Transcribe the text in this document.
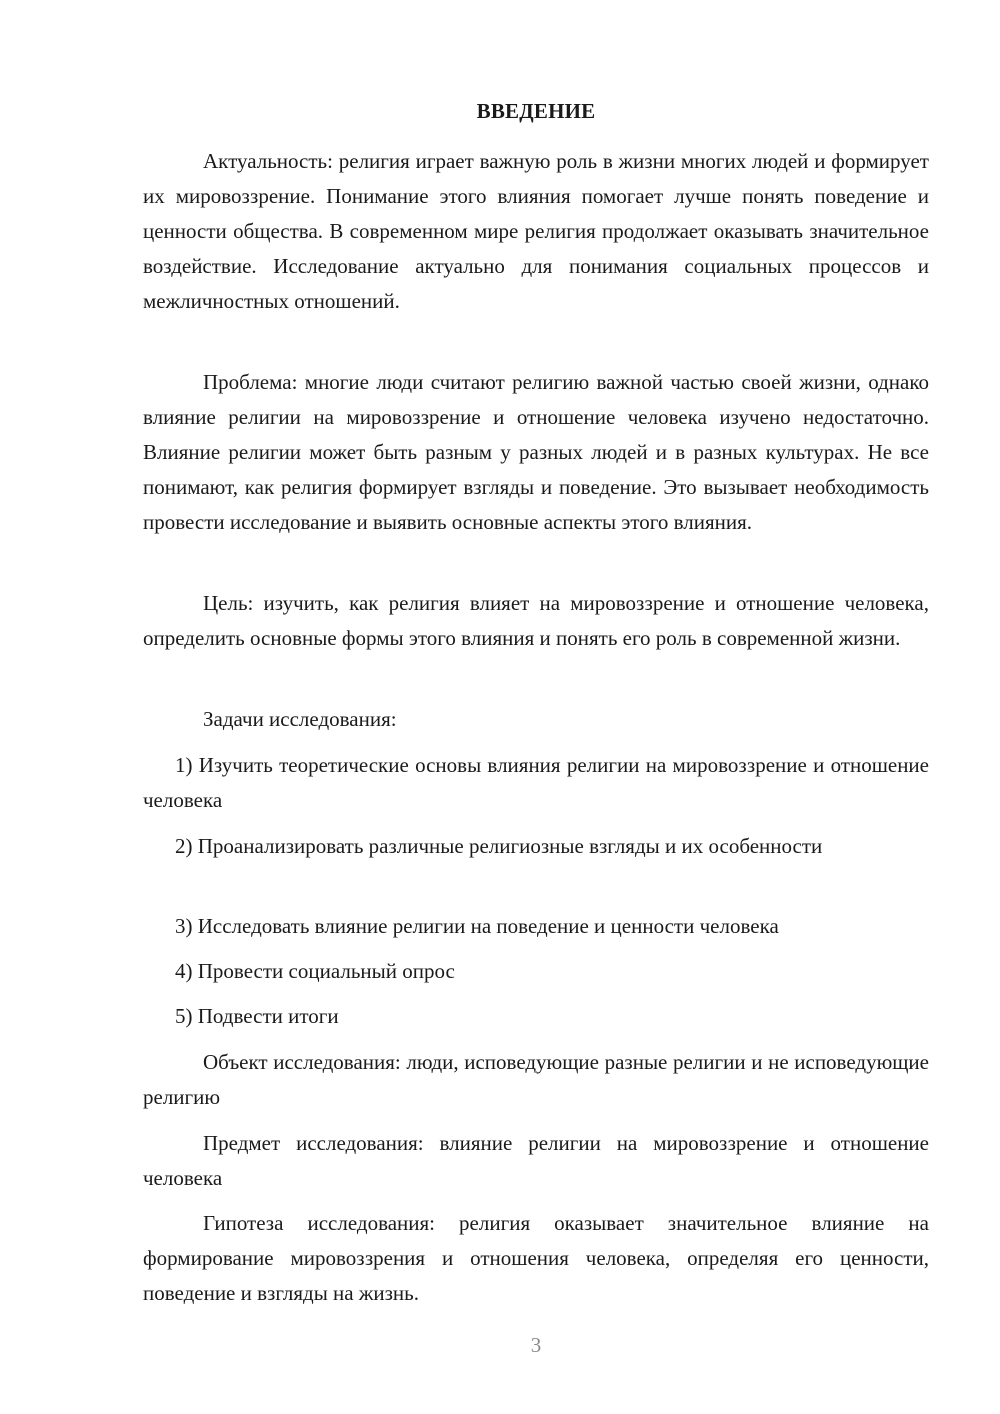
ВВЕДЕНИЕ

Актуальность: религия играет важную роль в жизни многих людей и формирует их мировоззрение. Понимание этого влияния помогает лучше понять поведение и ценности общества. В современном мире религия продолжает оказывать значительное воздействие. Исследование актуально для понимания социальных процессов и межличностных отношений.

Проблема: многие люди считают религию важной частью своей жизни, однако влияние религии на мировоззрение и отношение человека изучено недостаточно. Влияние религии может быть разным у разных людей и в разных культурах. Не все понимают, как религия формирует взгляды и поведение. Это вызывает необходимость провести исследование и выявить основные аспекты этого влияния.

Цель: изучить, как религия влияет на мировоззрение и отношение человека, определить основные формы этого влияния и понять его роль в современной жизни.

Задачи исследования:

1) Изучить теоретические основы влияния религии на мировоззрение и отношение человека

2) Проанализировать различные религиозные взгляды и их особенности

3) Исследовать влияние религии на поведение и ценности человека

4) Провести социальный опрос

5) Подвести итоги

Объект исследования: люди, исповедующие разные религии и не исповедующие религию

Предмет исследования: влияние религии на мировоззрение и отношение человека

Гипотеза исследования: религия оказывает значительное влияние на формирование мировоззрения и отношения человека, определяя его ценности, поведение и взгляды на жизнь.

3
